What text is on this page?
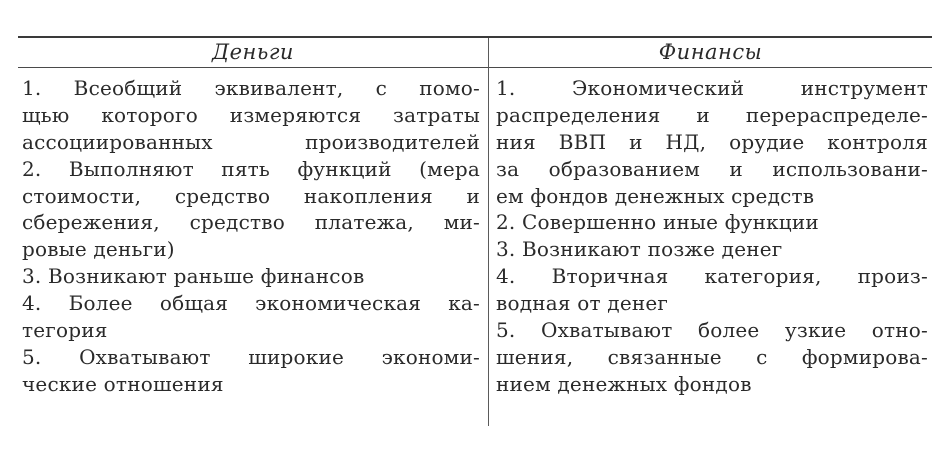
Деньги	Финансы
1. Всеобщий эквивалент, с помо-
щью которого измеряются затраты
ассоциированных производителей
2. Выполняют пять функций (мера
стоимости, средство накопления и
сбережения, средство платежа, ми-
ровые деньги)
3. Возникают раньше финансов
4. Более общая экономическая ка-
тегория
5. Охватывают широкие экономи-
ческие отношения
1. Экономический инструмент
распределения и перераспределе-
ния ВВП и НД, орудие контроля
за образованием и использовани-
ем фондов денежных средств
2. Совершенно иные функции
3. Возникают позже денег
4. Вторичная категория, произ-
водная от денег
5. Охватывают более узкие отно-
шения, связанные с формирова-
нием денежных фондов
